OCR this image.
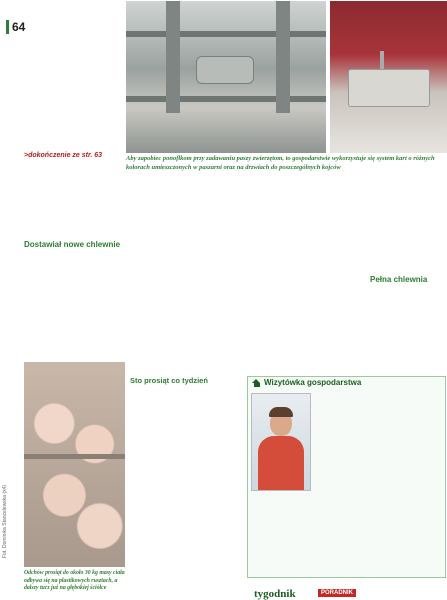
64
>dokończenie ze str. 63	Aby zapobiec ponoflkom przy zadawaniu paszy zwierzętom, to gospodarstwie wykorzystuje się system kart o różnych kolorach umieszczonych w paszarni oraz na drzwiach do poszczególnych kojców
Dostawiał nowe chlewnie
Sto prosiąt co tydzień
Pełna chlewnia
Wizytówka gospodarstwa
Odchów prosiąt do około 30 kg masy ciała odbywa się na plastikowych rusztach, a dalszy tucz już na głębokiej ściółce
Fot. Dominika Stancelewska (x4)
tygodnik	PORADNIK
